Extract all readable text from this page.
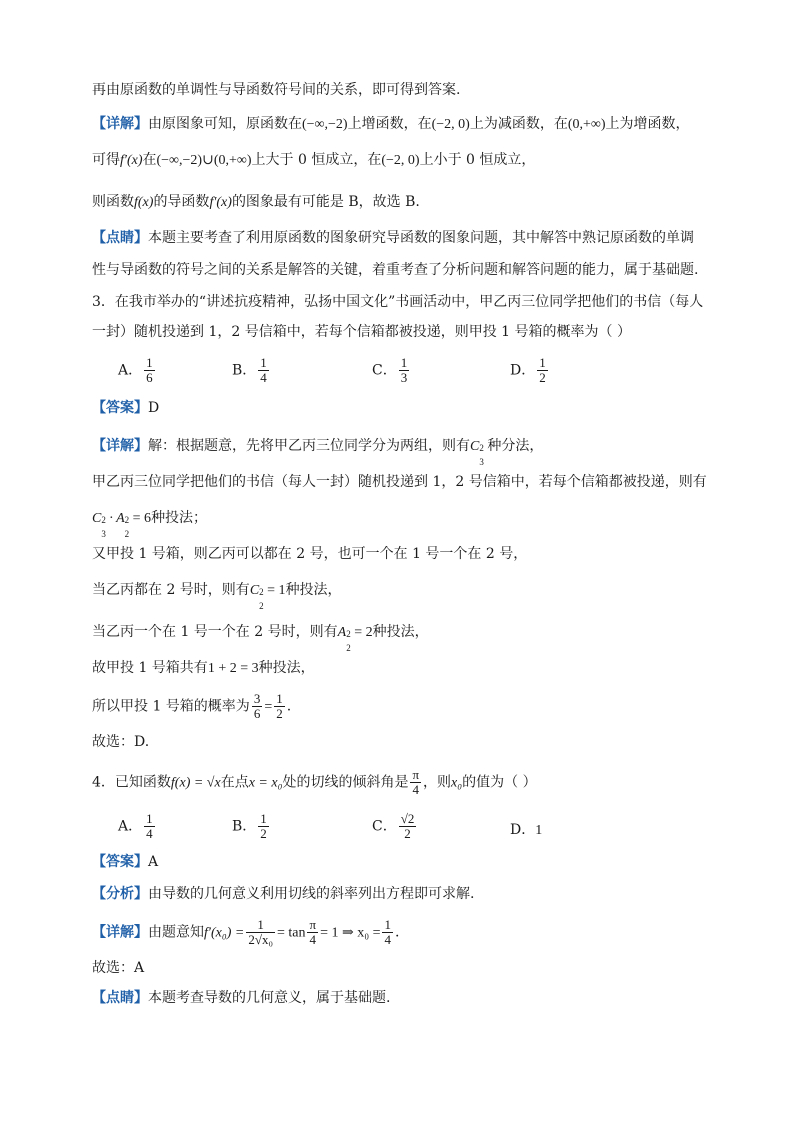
再由原函数的单调性与导函数符号间的关系，即可得到答案.
【详解】由原图象可知，原函数在(−∞,−2)上增函数，在(−2, 0)上为减函数，在(0,+∞)上为增函数，
可得f′(x)在(−∞,−2)∪(0,+∞)上大于 0 恒成立，在(−2, 0)上小于 0 恒成立，
则函数f(x)的导函数f′(x)的图象最有可能是 B，故选 B.
【点睛】本题主要考查了利用原函数的图象研究导函数的图象问题，其中解答中熟记原函数的单调
性与导函数的符号之间的关系是解答的关键，着重考查了分析问题和解答问题的能力，属于基础题.
3．在我市举办的“讲述抗疫精神，弘扬中国文化”书画活动中，甲乙丙三位同学把他们的书信（每人
一封）随机投递到 1，2 号信箱中，若每个信箱都被投递，则甲投 1 号箱的概率为（ ）
A． $\frac{1}{6}$	B． $\frac{1}{4}$	C． $\frac{1}{3}$	D． $\frac{1}{2}$
【答案】D
【详解】解：根据题意，先将甲乙丙三位同学分为两组，则有C 2
3
种分法，
甲乙丙三位同学把他们的书信（每人一封）随机投递到 1，2 号信箱中，若每个信箱都被投递，则有
C 2
3
· A 2
2
= 6种投法；
又甲投 1 号箱，则乙丙可以都在 2 号，也可一个在 1 号一个在 2 号，
当乙丙都在 2 号时，则有C 2
2
= 1种投法，
当乙丙一个在 1 号一个在 2 号时，则有A 2
2
= 2种投法，
故甲投 1 号箱共有1 + 2 = 3种投法，
所以甲投 1 号箱的概率为 $\frac{3}{6} = \frac{1}{2}$ .
故选：D.
4．已知函数f(x) = √x在点x = x₀处的切线的倾斜角是 $\frac{\pi}{4}$ ，则x₀的值为（ ）
A． $\frac{1}{4}$	B． $\frac{1}{2}$	C． $\frac{√2}{2}$	D．1
【答案】A
【分析】由导数的几何意义利用切线的斜率列出方程即可求解.
【详解】由题意知$f'(x_0) = \frac{1}{\text{2√x₀}} = \tan \frac{\pi}{4} = 1$ ⇒ $x_0 = \frac{1}{4}$ .
故选：A
【点睛】本题考查导数的几何意义，属于基础题.
